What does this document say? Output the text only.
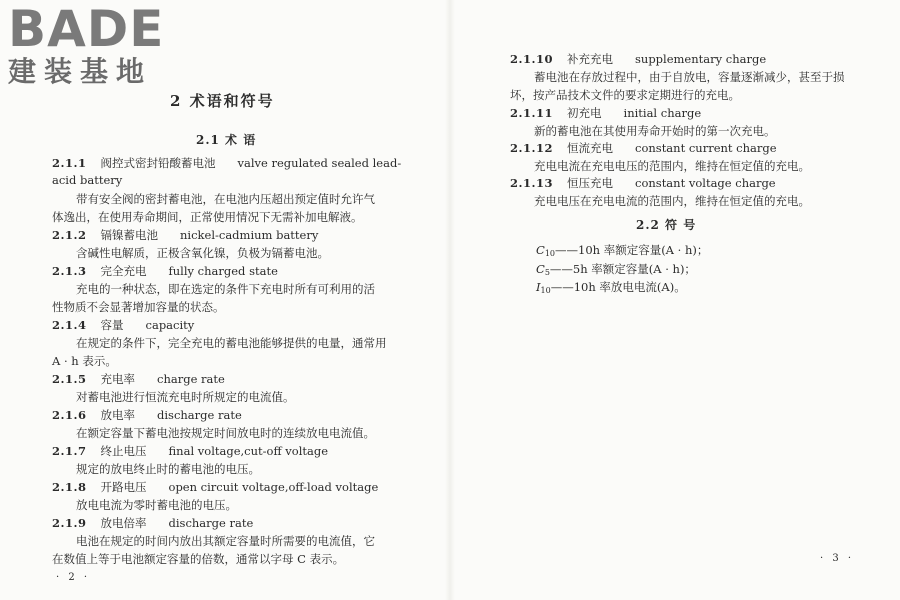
BADE
建装基地
2 术语和符号
2.1 术 语
2.1.1 阀控式密封铅酸蓄电池 valve regulated sealed lead-
acid battery
带有安全阀的密封蓄电池，在电池内压超出预定值时允许气
体逸出，在使用寿命期间，正常使用情况下无需补加电解液。
2.1.2 镉镍蓄电池 nickel-cadmium battery
含碱性电解质，正极含氧化镍，负极为镉蓄电池。
2.1.3 完全充电 fully charged state
充电的一种状态，即在选定的条件下充电时所有可利用的活
性物质不会显著增加容量的状态。
2.1.4 容量 capacity
在规定的条件下，完全充电的蓄电池能够提供的电量，通常用
A · h 表示。
2.1.5 充电率 charge rate
对蓄电池进行恒流充电时所规定的电流值。
2.1.6 放电率 discharge rate
在额定容量下蓄电池按规定时间放电时的连续放电电流值。
2.1.7 终止电压 final voltage,cut-off voltage
规定的放电终止时的蓄电池的电压。
2.1.8 开路电压 open circuit voltage,off-load voltage
放电电流为零时蓄电池的电压。
2.1.9 放电倍率 discharge rate
电池在规定的时间内放出其额定容量时所需要的电流值，它
在数值上等于电池额定容量的倍数，通常以字母 C 表示。
· 2 ·
2.1.10 补充充电 supplementary charge
蓄电池在存放过程中，由于自放电，容量逐渐减少，甚至于损
坏，按产品技术文件的要求定期进行的充电。
2.1.11 初充电 initial charge
新的蓄电池在其使用寿命开始时的第一次充电。
2.1.12 恒流充电 constant current charge
充电电流在充电电压的范围内，维持在恒定值的充电。
2.1.13 恒压充电 constant voltage charge
充电电压在充电电流的范围内，维持在恒定值的充电。
2.2 符 号
$C_{10}——10h$ 率额定容量(A · h)；
$C_5——5h$ 率额定容量(A · h)；
$I_{10}——10h$ 率放电电流(A)。
· 3 ·
